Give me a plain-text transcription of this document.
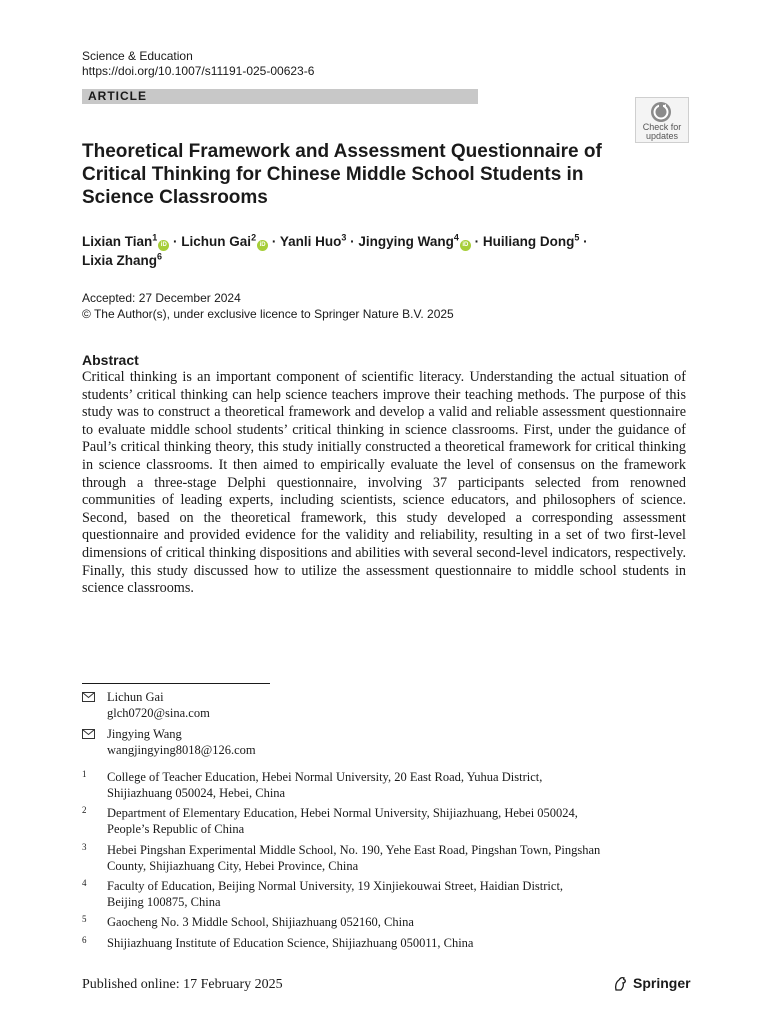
Science & Education
https://doi.org/10.1007/s11191-025-00623-6
ARTICLE
Check for updates
Theoretical Framework and Assessment Questionnaire of Critical Thinking for Chinese Middle School Students in Science Classrooms
Lixian Tian$^1$iD · Lichun Gai$^2$iD · Yanli Huo$^3$ · Jingying Wang$^4$iD · Huiliang Dong$^5$ ·
Lixia Zhang$^6$
Accepted: 27 December 2024
© The Author(s), under exclusive licence to Springer Nature B.V. 2025
Abstract

Critical thinking is an important component of scientific literacy. Understanding the actual situation of students’ critical thinking can help science teachers improve their teaching methods. The purpose of this study was to construct a theoretical framework and develop a valid and reliable assessment questionnaire to evaluate middle school students’ critical thinking in science classrooms. First, under the guidance of Paul’s critical thinking theory, this study initially constructed a theoretical framework for critical thinking in science classrooms. It then aimed to empirically evaluate the level of consensus on the framework through a three-stage Delphi questionnaire, involving 37 participants selected from renowned communities of leading experts, including scientists, science educators, and philosophers of science. Second, based on the theoretical framework, this study developed a corresponding assessment questionnaire and provided evidence for the validity and reliability, resulting in a set of two first-level dimensions of critical thinking dispositions and abilities with several second-level indicators, respectively. Finally, this study discussed how to utilize the assessment questionnaire to middle school students in science classrooms.

Lichun Gai
glch0720@sina.com
Jingying Wang
wangjingying8018@126.com
1 College of Teacher Education, Hebei Normal University, 20 East Road, Yuhua District,
Shijiazhuang 050024, Hebei, China
2 Department of Elementary Education, Hebei Normal University, Shijiazhuang, Hebei 050024,
People’s Republic of China
3 Hebei Pingshan Experimental Middle School, No. 190, Yehe East Road, Pingshan Town, Pingshan
County, Shijiazhuang City, Hebei Province, China
4 Faculty of Education, Beijing Normal University, 19 Xinjiekouwai Street, Haidian District,
Beijing 100875, China
5 Gaocheng No. 3 Middle School, Shijiazhuang 052160, China
6 Shijiazhuang Institute of Education Science, Shijiazhuang 050011, China
Published online: 17 February 2025	Springer
